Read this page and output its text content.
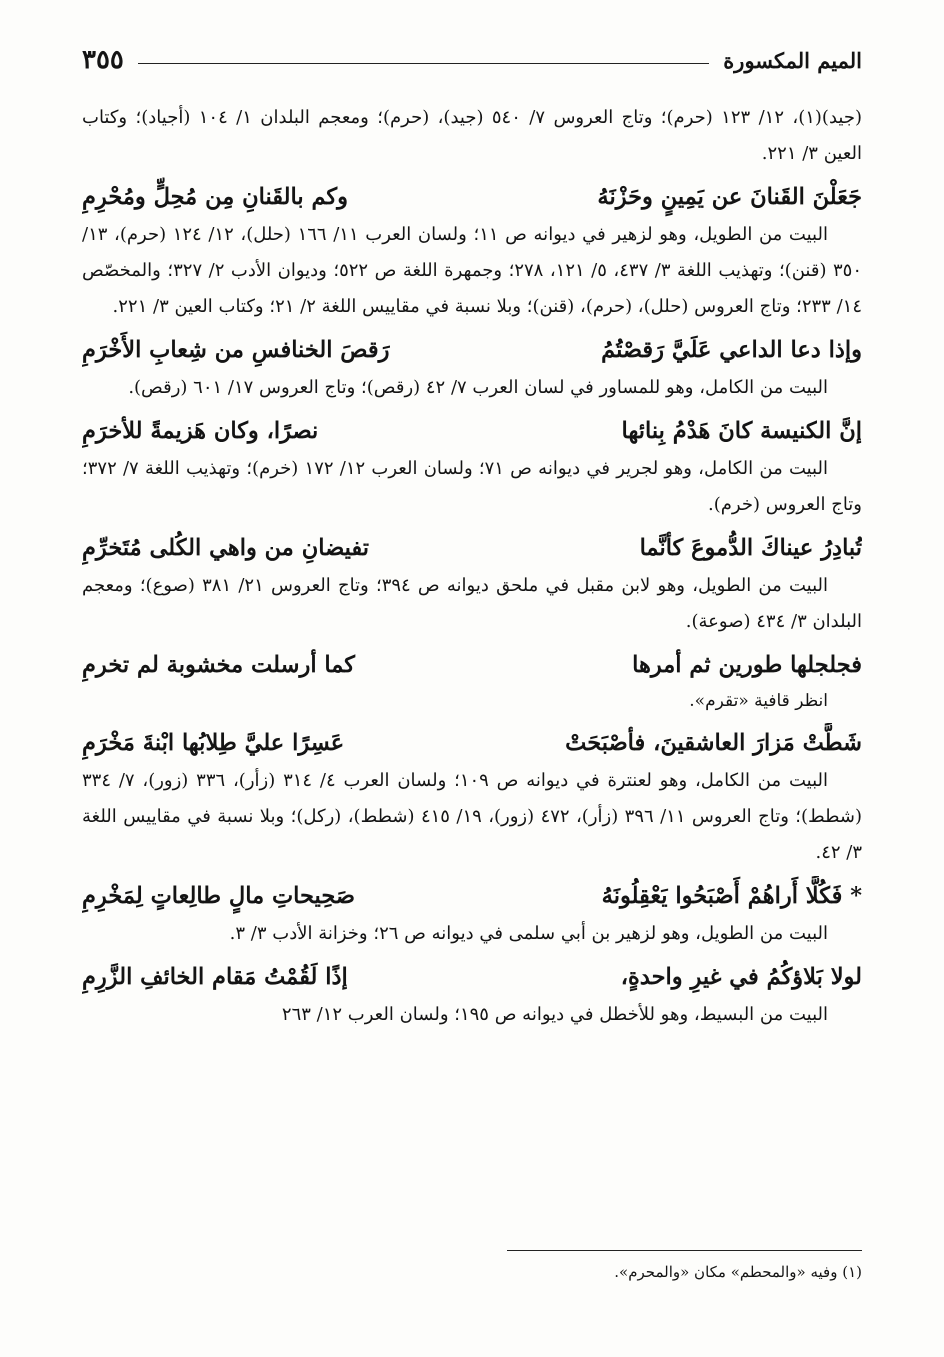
الميم المكسورة
٣٥٥

(جيد)(١)، ١٢/ ١٢٣ (حرم)؛ وتاج العروس ٧/ ٥٤٠ (جيد)، (حرم)؛ ومعجم البلدان ١/ ١٠٤ (أجياد)؛ وكتاب العين ٣/ ٢٢١.

جَعَلْنَ القَنانَ عن يَمِينٍ وحَزْنَهُ
وكم بالقَنانِ مِن مُحِلٍّ ومُحْرِمِ

البيت من الطويل، وهو لزهير في ديوانه ص ١١؛ ولسان العرب ١١/ ١٦٦ (حلل)، ١٢/ ١٢٤ (حرم)، ١٣/ ٣٥٠ (قنن)؛ وتهذيب اللغة ٣/ ٤٣٧، ٥/ ١٢١، ٢٧٨؛ وجمهرة اللغة ص ٥٢٢؛ وديوان الأدب ٢/ ٣٢٧؛ والمخصّص ١٤/ ٢٣٣؛ وتاج العروس (حلل)، (حرم)، (قنن)؛ وبلا نسبة في مقاييس اللغة ٢/ ٢١؛ وكتاب العين ٣/ ٢٢١.

وإذا دعا الداعي عَلَيَّ رَقصْتُمُ
رَقصَ الخنافسِ من شِعابِ الأَخْرَمِ

البيت من الكامل، وهو للمساور في لسان العرب ٧/ ٤٢ (رقص)؛ وتاج العروس ١٧/ ٦٠١ (رقص).

إنَّ الكنيسة كانَ هَدْمُ بِنائها
نصرًا، وكان هَزيمةً للأخرَمِ

البيت من الكامل، وهو لجرير في ديوانه ص ٧١؛ ولسان العرب ١٢/ ١٧٢ (خرم)؛ وتهذيب اللغة ٧/ ٣٧٢؛ وتاج العروس (خرم).

تُبادِرُ عيناكَ الدُّموعَ كأنَّما
تفيضانِ من واهي الكُلى مُتَخرِّمِ

البيت من الطويل، وهو لابن مقبل في ملحق ديوانه ص ٣٩٤؛ وتاج العروس ٢١/ ٣٨١ (صوع)؛ ومعجم البلدان ٣/ ٤٣٤ (صوعة).

فجلجلها طورين ثم أمرها
كما أرسلت مخشوبة لم تخرمِ

انظر قافية «تقرم».

شَطَّتْ مَزارَ العاشقينَ، فأصْبَحَتْ
عَسِرًا عليَّ طِلابُها ابْنةَ مَخْرَمِ

البيت من الكامل، وهو لعنترة في ديوانه ص ١٠٩؛ ولسان العرب ٤/ ٣١٤ (زأر)، ٣٣٦ (زور)، ٧/ ٣٣٤ (شطط)؛ وتاج العروس ١١/ ٣٩٦ (زأر)، ٤٧٢ (زور)، ١٩/ ٤١٥ (شطط)، (ركل)؛ وبلا نسبة في مقاييس اللغة ٣/ ٤٢.

* فَكُلًّا أَراهُمْ أَصْبَحُوا يَعْقِلُونَهُ
صَحِيحاتِ مالٍ طالِعاتٍ لِمَخْرِمِ

البيت من الطويل، وهو لزهير بن أبي سلمى في ديوانه ص ٢٦؛ وخزانة الأدب ٣/ ٣.

لولا بَلاؤكُمُ في غيرِ واحدةٍ،
إذًا لَقُمْتُ مَقام الخائفِ الزَّرِمِ

البيت من البسيط، وهو للأخطل في ديوانه ص ١٩٥؛ ولسان العرب ١٢/ ٢٦٣

(١) وفيه «والمحطم» مكان «والمحرم».
